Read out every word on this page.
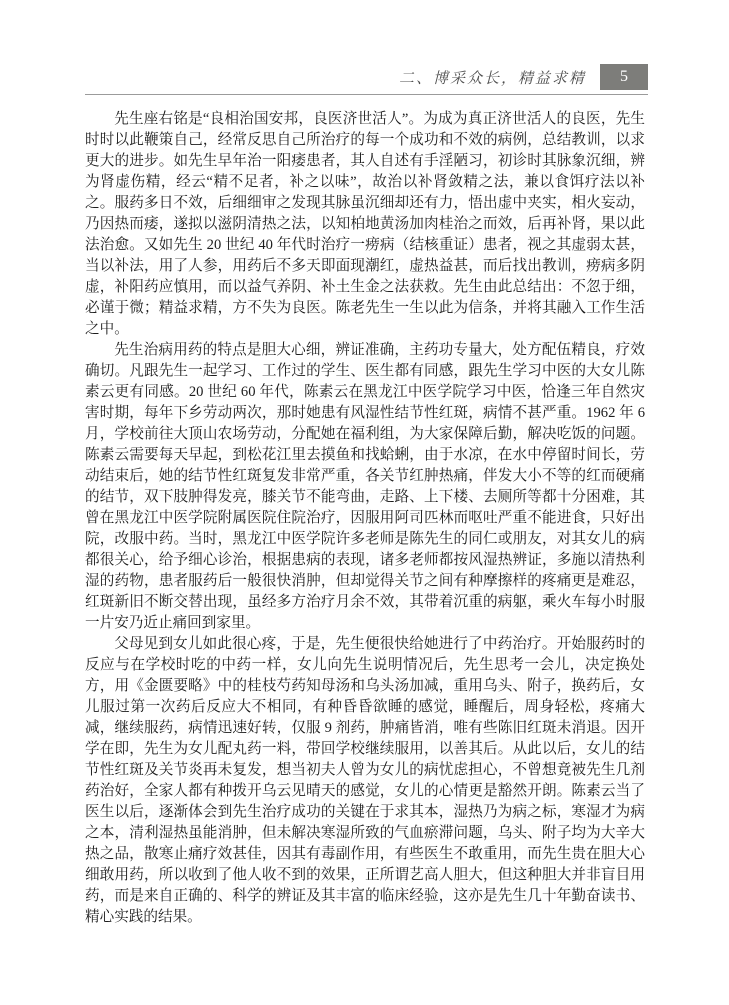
二、博采众长，精益求精	5

先生座右铭是“良相治国安邦，良医济世活人”。为成为真正济世活人的良医，先生时时以此鞭策自己，经常反思自己所治疗的每一个成功和不效的病例，总结教训，以求更大的进步。如先生早年治一阳痿患者，其人自述有手淫陋习，初诊时其脉象沉细，辨为肾虚伤精，经云“精不足者，补之以味”，故治以补肾敛精之法，兼以食饵疗法以补之。服药多日不效，后细细审之发现其脉虽沉细却还有力，悟出虚中夹实，相火妄动，乃因热而痿，遂拟以滋阴清热之法，以知柏地黄汤加肉桂治之而效，后再补肾，果以此法治愈。又如先生 20 世纪 40 年代时治疗一痨病（结核重证）患者，视之其虚弱太甚，当以补法，用了人参，用药后不多天即面现潮红，虚热益甚，而后找出教训，痨病多阴虚，补阳药应慎用，而以益气养阴、补土生金之法获救。先生由此总结出：不忽于细，必谨于微；精益求精，方不失为良医。陈老先生一生以此为信条，并将其融入工作生活之中。

先生治病用药的特点是胆大心细，辨证准确，主药功专量大，处方配伍精良，疗效确切。凡跟先生一起学习、工作过的学生、医生都有同感，跟先生学习中医的大女儿陈素云更有同感。20 世纪 60 年代，陈素云在黑龙江中医学院学习中医，恰逢三年自然灾害时期，每年下乡劳动两次，那时她患有风湿性结节性红斑，病情不甚严重。1962 年 6 月，学校前往大顶山农场劳动，分配她在福利组，为大家保障后勤，解决吃饭的问题。陈素云需要每天早起，到松花江里去摸鱼和找蛤蜊，由于水凉，在水中停留时间长，劳动结束后，她的结节性红斑复发非常严重，各关节红肿热痛，伴发大小不等的红而硬痛的结节，双下肢肿得发亮，膝关节不能弯曲，走路、上下楼、去厕所等都十分困难，其曾在黑龙江中医学院附属医院住院治疗，因服用阿司匹林而呕吐严重不能进食，只好出院，改服中药。当时，黑龙江中医学院许多老师是陈先生的同仁或朋友，对其女儿的病都很关心，给予细心诊治，根据患病的表现，诸多老师都按风湿热辨证，多施以清热利湿的药物，患者服药后一般很快消肿，但却觉得关节之间有种摩擦样的疼痛更是难忍，红斑新旧不断交替出现，虽经多方治疗月余不效，其带着沉重的病躯，乘火车每小时服一片安乃近止痛回到家里。

父母见到女儿如此很心疼，于是，先生便很快给她进行了中药治疗。开始服药时的反应与在学校时吃的中药一样，女儿向先生说明情况后，先生思考一会儿，决定换处方，用《金匮要略》中的桂枝芍药知母汤和乌头汤加减，重用乌头、附子，换药后，女儿服过第一次药后反应大不相同，有种昏昏欲睡的感觉，睡醒后，周身轻松，疼痛大减，继续服药，病情迅速好转，仅服 9 剂药，肿痛皆消，唯有些陈旧红斑未消退。因开学在即，先生为女儿配丸药一料，带回学校继续服用，以善其后。从此以后，女儿的结节性红斑及关节炎再未复发，想当初夫人曾为女儿的病忧虑担心，不曾想竟被先生几剂药治好，全家人都有种拨开乌云见晴天的感觉，女儿的心情更是豁然开朗。陈素云当了医生以后，逐渐体会到先生治疗成功的关键在于求其本，湿热乃为病之标，寒湿才为病之本，清利湿热虽能消肿，但未解决寒湿所致的气血瘀滞问题，乌头、附子均为大辛大热之品，散寒止痛疗效甚佳，因其有毒副作用，有些医生不敢重用，而先生贵在胆大心细敢用药，所以收到了他人收不到的效果，正所谓艺高人胆大，但这种胆大并非盲目用药，而是来自正确的、科学的辨证及其丰富的临床经验，这亦是先生几十年勤奋读书、精心实践的结果。
